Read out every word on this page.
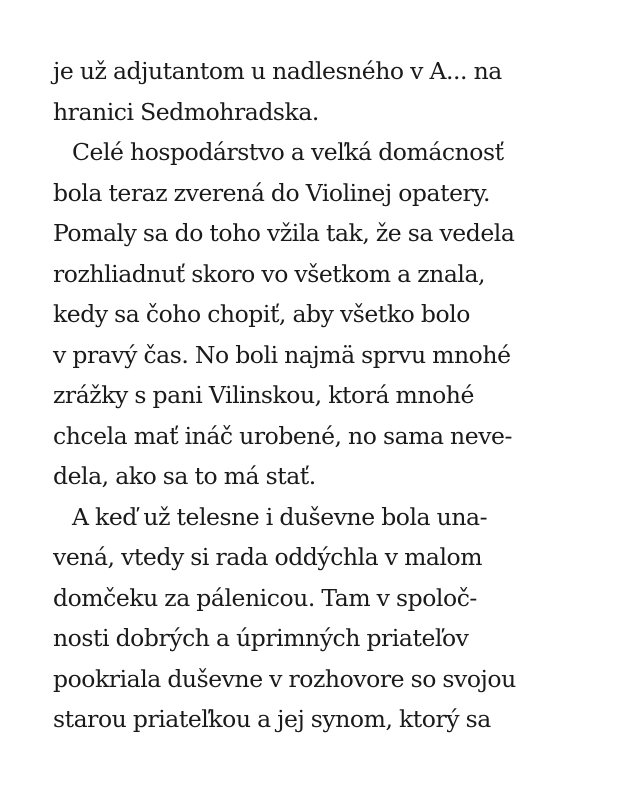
je už adjutantom u nadlesného v A... na
hranici Sedmohradska.
Celé hospodárstvo a veľká domácnosť
bola teraz zverená do Violinej opatery.
Pomaly sa do toho vžila tak, že sa vedela
rozhliadnuť skoro vo všetkom a znala,
kedy sa čoho chopiť, aby všetko bolo
v pravý čas. No boli najmä sprvu mnohé
zrážky s pani Vilinskou, ktorá mnohé
chcela mať ináč urobené, no sama neve-
dela, ako sa to má stať.
A keď už telesne i duševne bola una-
vená, vtedy si rada oddýchla v malom
domčeku za pálenicou. Tam v spoloč-
nosti dobrých a úprimných priateľov
pookriala duševne v rozhovore so svojou
starou priateľkou a jej synom, ktorý sa
